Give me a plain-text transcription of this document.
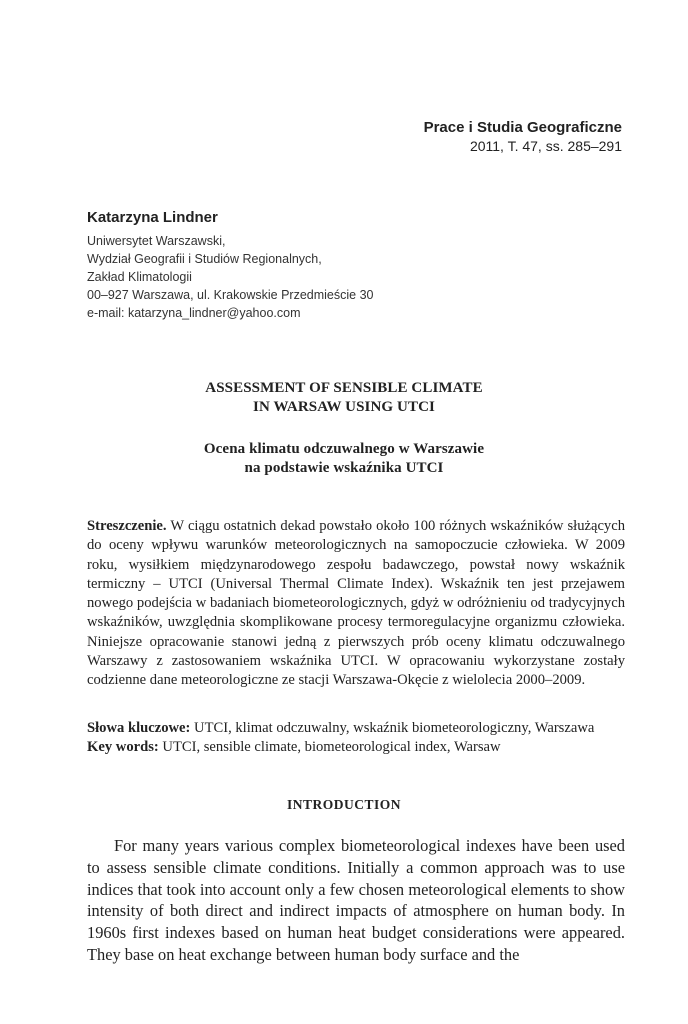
Prace i Studia Geograficzne
2011, T. 47, ss. 285–291
Katarzyna Lindner
Uniwersytet Warszawski,
Wydział Geografii i Studiów Regionalnych,
Zakład Klimatologii
00–927 Warszawa, ul. Krakowskie Przedmieście 30
e-mail: katarzyna_lindner@yahoo.com
ASSESSMENT OF SENSIBLE CLIMATE
IN WARSAW USING UTCI
Ocena klimatu odczuwalnego w Warszawie
na podstawie wskaźnika UTCI

Streszczenie. W ciągu ostatnich dekad powstało około 100 różnych wskaźników służących do oceny wpływu warunków meteorologicznych na samopoczucie człowieka. W 2009 roku, wysiłkiem międzynarodowego zespołu badawczego, powstał nowy wskaźnik termiczny – UTCI (Universal Thermal Climate Index). Wskaźnik ten jest przejawem nowego podejścia w badaniach biometeorologicznych, gdyż w odróżnieniu od tradycyjnych wskaźników, uwzględnia skomplikowane procesy termoregulacyjne organizmu człowieka. Niniejsze opracowanie stanowi jedną z pierwszych prób oceny klimatu odczuwalnego Warszawy z zastosowaniem wskaźnika UTCI. W opracowaniu wykorzystane zostały codzienne dane meteorologiczne ze stacji Warszawa-Okęcie z wielolecia 2000–2009.

Słowa kluczowe: UTCI, klimat odczuwalny, wskaźnik biometeorologiczny, Warszawa
Key words: UTCI, sensible climate, biometeorological index, Warsaw
INTRODUCTION

For many years various complex biometeorological indexes have been used to assess sensible climate conditions. Initially a common approach was to use indices that took into account only a few chosen meteorological elements to show intensity of both direct and indirect impacts of atmosphere on human body. In 1960s first indexes based on human heat budget considerations were appeared. They base on heat exchange between human body surface and the
